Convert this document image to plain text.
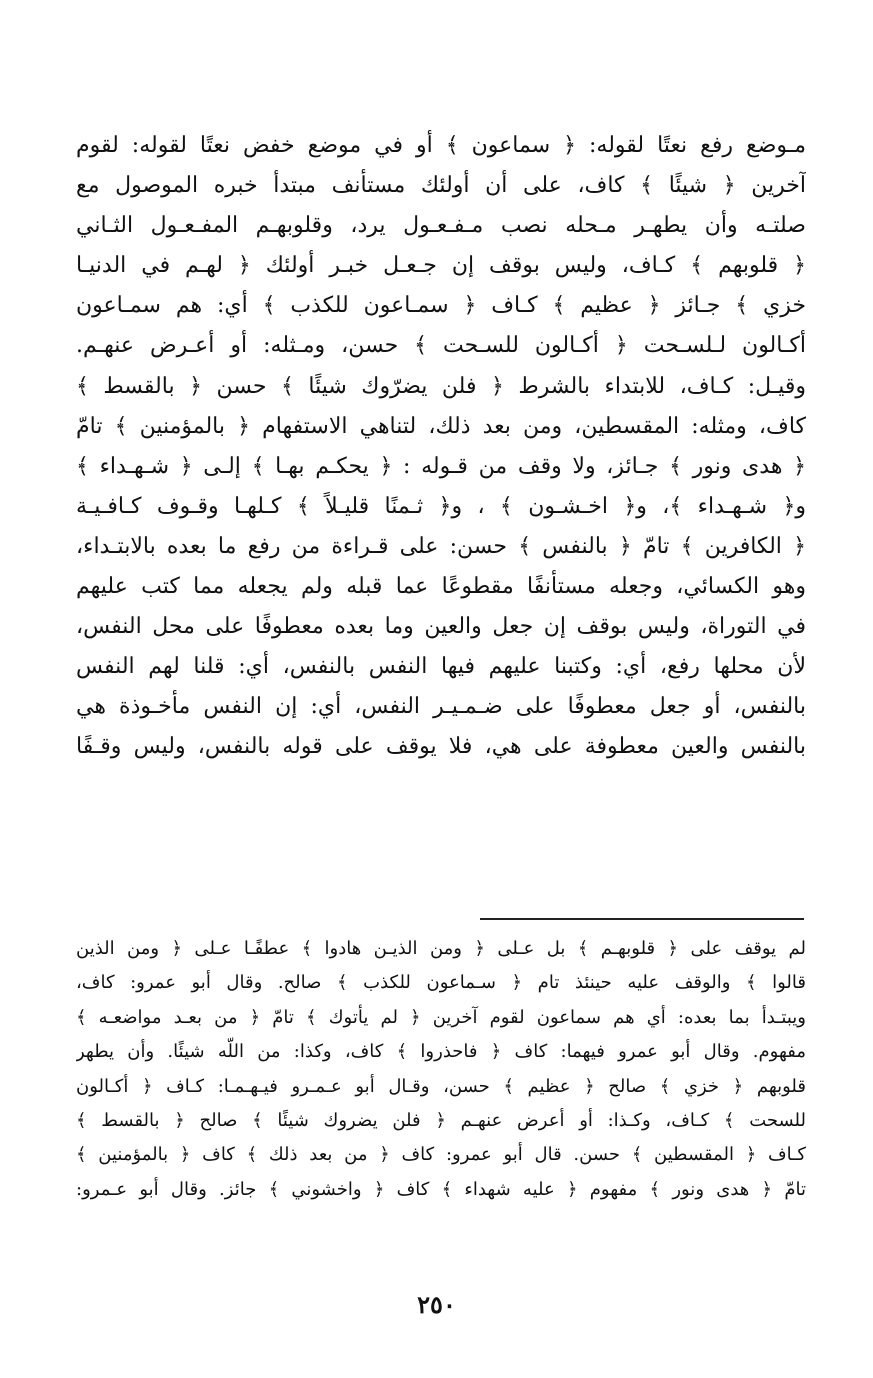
مـوضع رفع نعتًا لقوله: ﴿ سماعون ﴾ أو في موضع خفض نعتًا لقوله: لقوم
آخرين ﴿ شيئًا ﴾ كاف، على أن أولئك مستأنف مبتدأ خبره الموصول مع
صلتـه وأن يطهـر مـحله نصب مـفـعـول يرد، وقلوبهـم المفـعـول الثـاني
﴿ قلوبهم ﴾ كـاف، وليس بوقف إن جـعـل خبـر أولئك ﴿ لهـم في الدنيـا
خزي ﴾ جـائز ﴿ عظيم ﴾ كـاف ﴿ سمـاعون للكذب ﴾ أي: هم سمـاعون
أكـالون لـلسـحت ﴿ أكـالون للسـحت ﴾ حسن، ومـثله: أو أعـرض عنهـم.
وقيـل: كـاف، للابتداء بالشرط ﴿ فلن يضرّوك شيئًا ﴾ حسن ﴿ بالقسط ﴾
كاف، ومثله: المقسطين، ومن بعد ذلك، لتناهي الاستفهام ﴿ بالمؤمنين ﴾ تامّ
﴿ هدى ونور ﴾ جـائز، ولا وقف من قـوله : ﴿ يحكـم بهـا ﴾ إلـى ﴿ شـهـداء ﴾
و﴿ شـهـداء ﴾، و﴿ اخـشـون ﴾ ، و﴿ ثـمنًا قليـلاً ﴾ كـلهـا وقـوف كـافـيـة
﴿ الكافرين ﴾ تامّ ﴿ بالنفس ﴾ حسن: على قـراءة من رفع ما بعده بالابتـداء،
وهو الكسائي، وجعله مستأنفًا مقطوعًا عما قبله ولم يجعله مما كتب عليهم
في التوراة، وليس بوقف إن جعل والعين وما بعده معطوفًا على محل النفس،
لأن محلها رفع، أي: وكتبنا عليهم فيها النفس بالنفس، أي: قلنا لهم النفس
بالنفس، أو جعل معطوفًا على ضـمـيـر النفس، أي: إن النفس مأخـوذة هي
بالنفس والعين معطوفة على هي، فلا يوقف على قوله بالنفس، وليس وقـفًا
لم يوقف على ﴿ قلوبهـم ﴾ بل عـلى ﴿ ومن الذيـن هادوا ﴾ عطفًـا عـلى ﴿ ومن الذين
قالوا ﴾ والوقف عليه حينئذ تام ﴿ سـماعون للكذب ﴾ صالح. وقال أبو عمرو: كاف،
ويبتـدأ بما بعده: أي هم سماعون لقوم آخرين ﴿ لم يأتوك ﴾ تامّ ﴿ من بعـد مواضعـه ﴾
مفهوم. وقال أبو عمرو فيهما: كاف ﴿ فاحذروا ﴾ كاف، وكذا: من اللّه شيئًا. وأن يطهر
قلوبهم ﴿ خزي ﴾ صالح ﴿ عظيم ﴾ حسن، وقـال أبو عـمـرو فيـهـمـا: كـاف ﴿ أكـالون
للسحت ﴾ كـاف، وكـذا: أو أعرض عنهـم ﴿ فلن يضروك شيئًا ﴾ صالح ﴿ بالقسط ﴾
كـاف ﴿ المقسطين ﴾ حسن. قال أبو عمرو: كاف ﴿ من بعد ذلك ﴾ كاف ﴿ بالمؤمنين ﴾
تامّ ﴿ هدى ونور ﴾ مفهوم ﴿ عليه شهداء ﴾ كاف ﴿ واخشوني ﴾ جائز. وقال أبو عـمرو:
٢٥٠
